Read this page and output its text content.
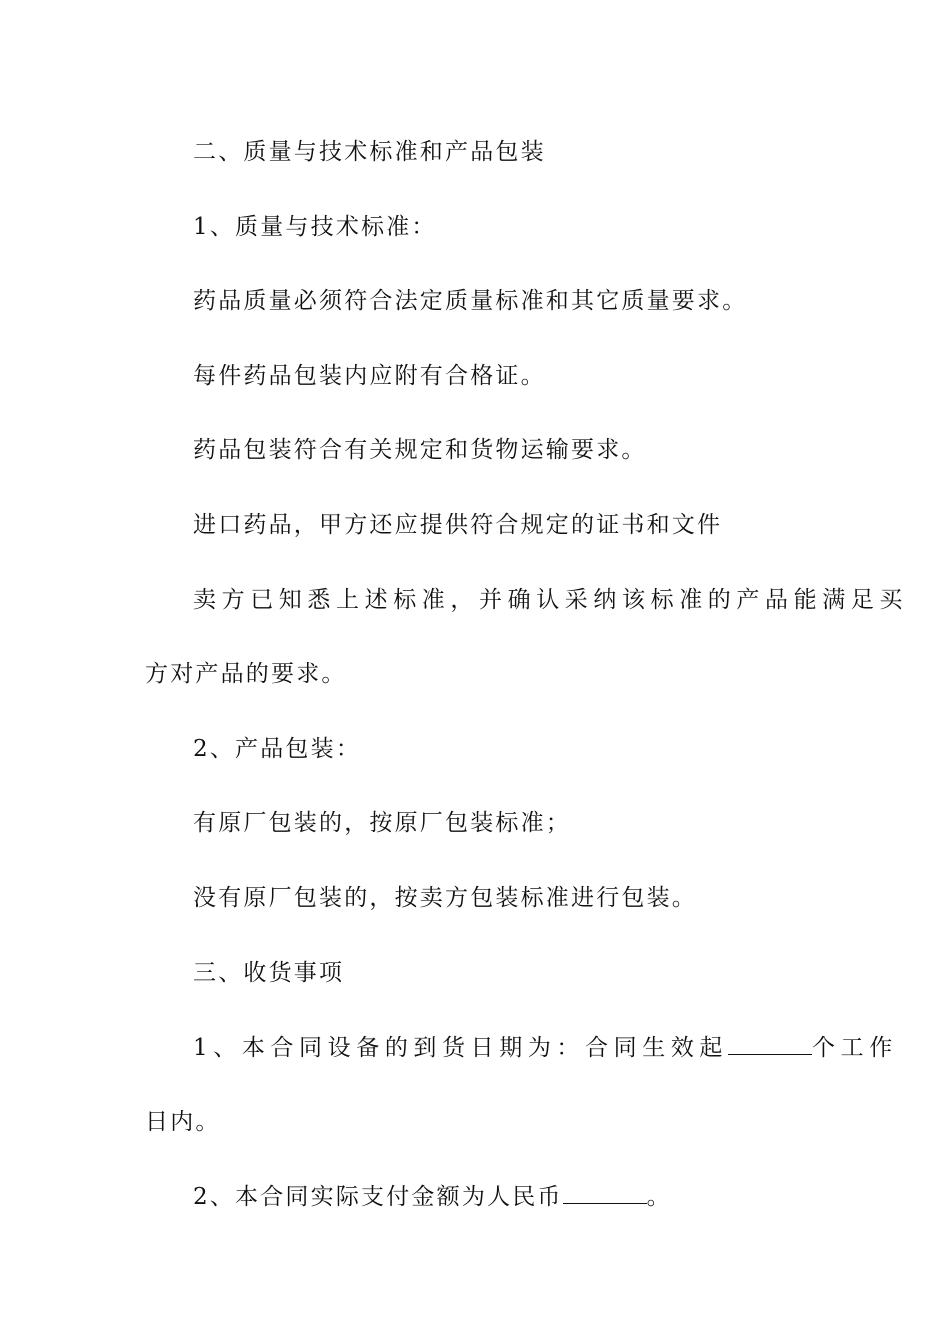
二、质量与技术标准和产品包装

1、质量与技术标准：

药品质量必须符合法定质量标准和其它质量要求。

每件药品包装内应附有合格证。

药品包装符合有关规定和货物运输要求。

进口药品，甲方还应提供符合规定的证书和文件

卖方已知悉上述标准，并确认采纳该标准的产品能满足买

方对产品的要求。

2、产品包装：

有原厂包装的，按原厂包装标准；

没有原厂包装的，按卖方包装标准进行包装。

三、收货事项

1、本合同设备的到货日期为：合同生效起	个工作

日内。

2、本合同实际支付金额为人民币	。
